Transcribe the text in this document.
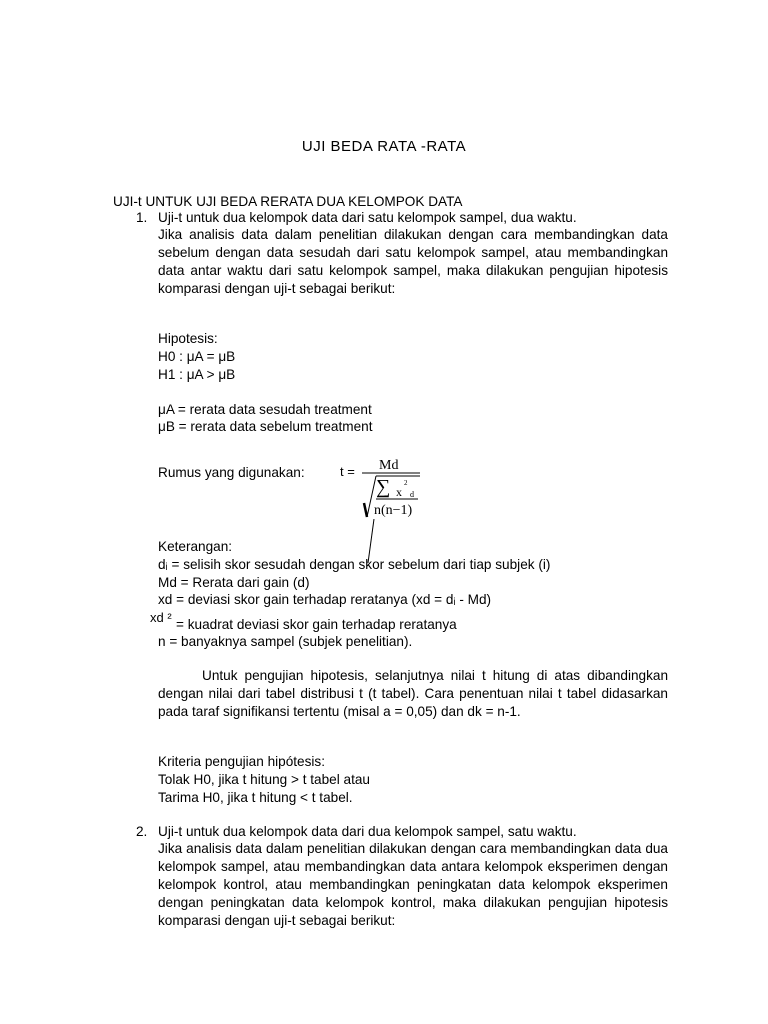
UJI BEDA RATA -RATA
UJI-t UNTUK UJI BEDA RERATA DUA KELOMPOK DATA
1. Uji-t untuk dua kelompok data dari satu kelompok sampel, dua waktu.
Jika analisis data dalam penelitian dilakukan dengan cara membandingkan data sebelum dengan data sesudah dari satu kelompok sampel, atau membandingkan data antar waktu dari satu kelompok sampel, maka dilakukan pengujian hipotesis komparasi dengan uji-t sebagai berikut:
Hipotesis:
H0 : μA = μB
H1 : μA > μB
μA = rerata data sesudah treatment
μB = rerata data sebelum treatment
Rumus yang digunakan:	t = Md
∑ x
2
d
n(n−1)
Keterangan:
dᵢ = selisih skor sesudah dengan skor sebelum dari tiap subjek (i)
Md = Rerata dari gain (d)
xd = deviasi skor gain terhadap reratanya (xd = dᵢ - Md)
xd ² = kuadrat deviasi skor gain terhadap reratanya
n = banyaknya sampel (subjek penelitian).
Untuk pengujian hipotesis, selanjutnya nilai t hitung di atas dibandingkan dengan nilai dari tabel distribusi t (t tabel). Cara penentuan nilai t tabel didasarkan pada taraf signifikansi tertentu (misal a = 0,05) dan dk = n-1.
Kriteria pengujian hipótesis:
Tolak H0, jika t hitung > t tabel atau
Tarima H0, jika t hitung < t tabel.
2. Uji-t untuk dua kelompok data dari dua kelompok sampel, satu waktu.
Jika analisis data dalam penelitian dilakukan dengan cara membandingkan data dua kelompok sampel, atau membandingkan data antara kelompok eksperimen dengan kelompok kontrol, atau membandingkan peningkatan data kelompok eksperimen dengan peningkatan data kelompok kontrol, maka dilakukan pengujian hipotesis komparasi dengan uji-t sebagai berikut:
